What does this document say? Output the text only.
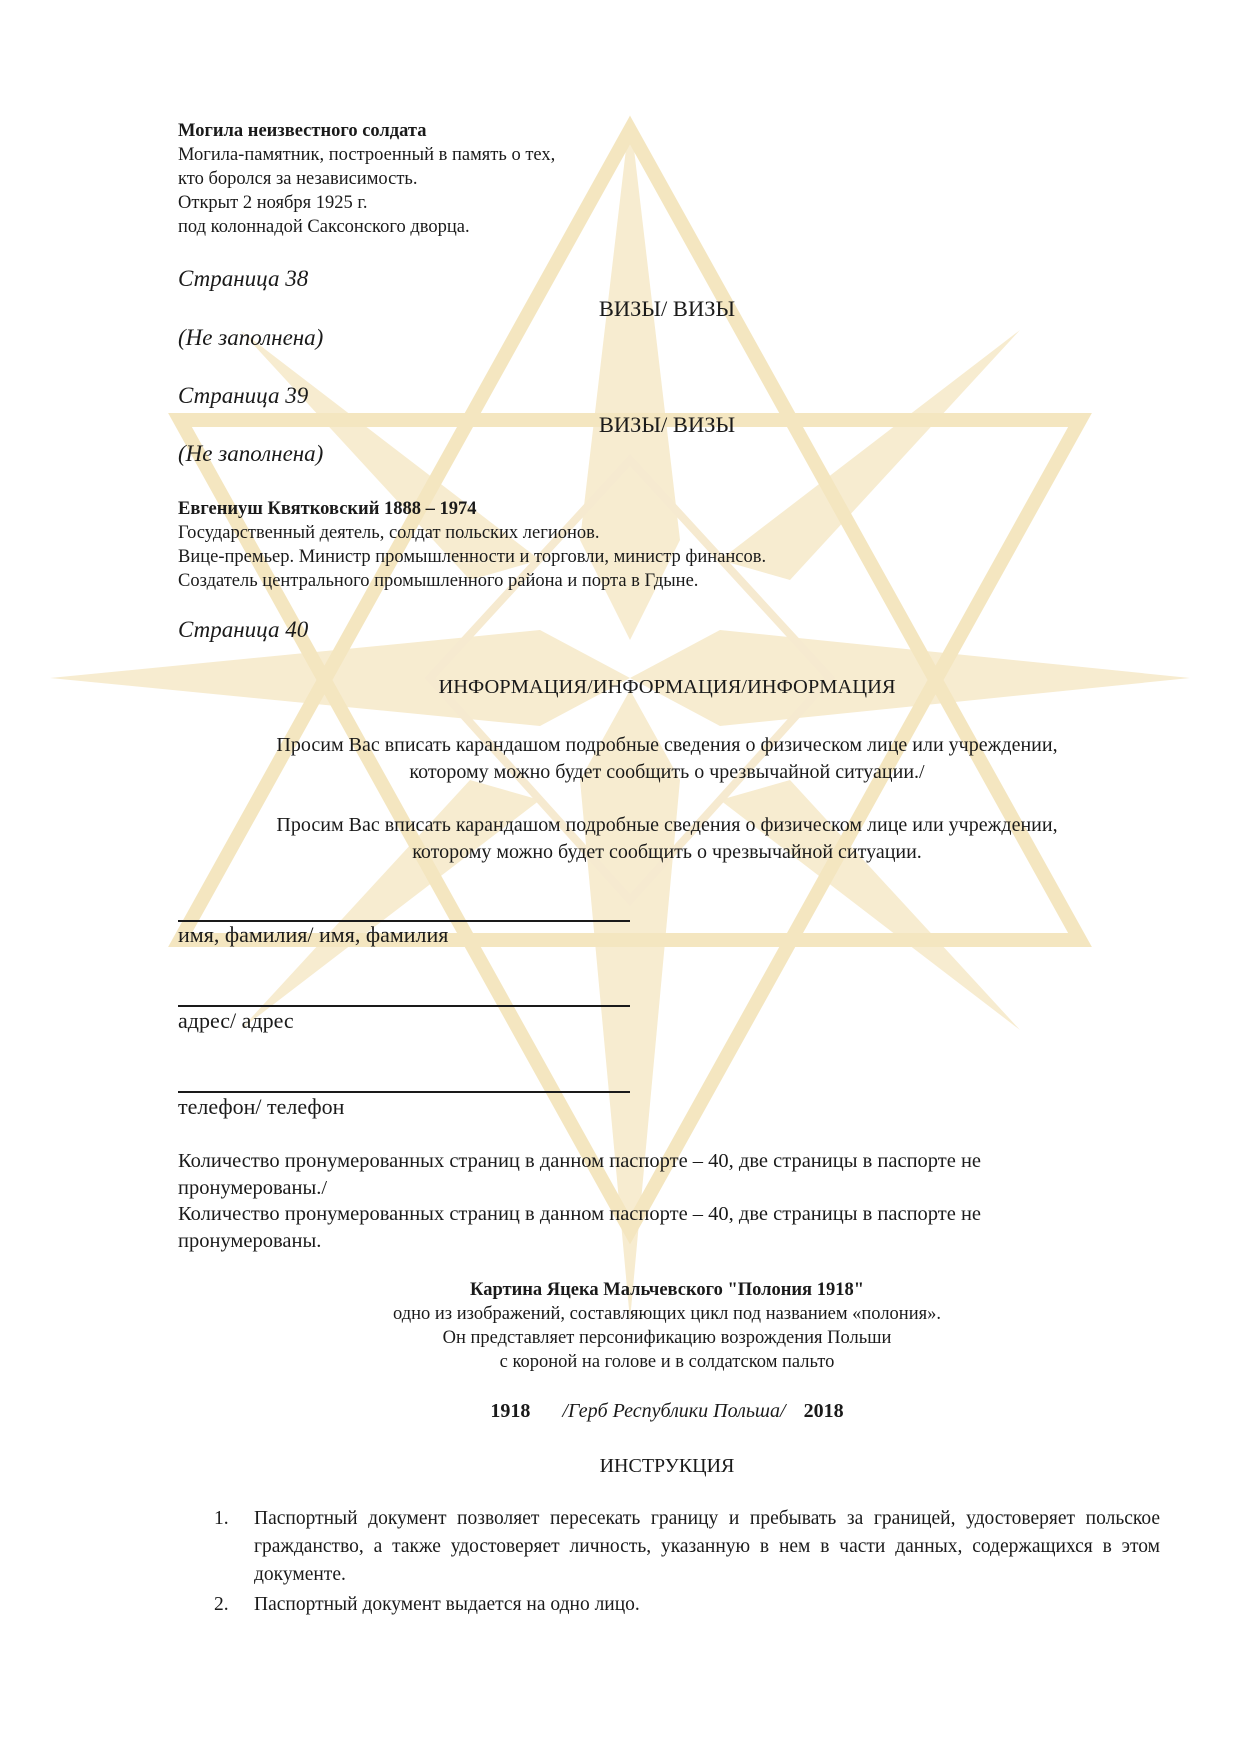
Могила неизвестного солдата
Могила-памятник, построенный в память о тех,
кто боролся за независимость.
Открыт 2 ноября 1925 г.
под колоннадой Саксонского дворца.
Страница 38
ВИЗЫ/ ВИЗЫ
(Не заполнена)
Страница 39
ВИЗЫ/ ВИЗЫ
(Не заполнена)
Евгениуш Квятковский 1888 – 1974
Государственный деятель, солдат польских легионов.
Вице-премьер. Министр промышленности и торговли, министр финансов.
Создатель центрального промышленного района и порта в Гдыне.
Страница 40
ИНФОРМАЦИЯ/ИНФОРМАЦИЯ/ИНФОРМАЦИЯ
Просим Вас вписать карандашом подробные сведения о физическом лице или учреждении,
которому можно будет сообщить о чрезвычайной ситуации./
Просим Вас вписать карандашом подробные сведения о физическом лице или учреждении,
которому можно будет сообщить о чрезвычайной ситуации.
имя, фамилия/ имя, фамилия
адрес/ адрес
телефон/ телефон
Количество пронумерованных страниц в данном паспорте – 40, две страницы в паспорте не
пронумерованы./
Количество пронумерованных страниц в данном паспорте – 40, две страницы в паспорте не
пронумерованы.
Картина Яцека Мальчевского "Полония 1918"
одно из изображений, составляющих цикл под названием «полония».
Он представляет персонификацию возрождения Польши
с короной на голове и в солдатском пальто
1918 /Герб Республики Польша/ 2018
ИНСТРУКЦИЯ
1.	Паспортный документ позволяет пересекать границу и пребывать за границей, удостоверяет польское гражданство, а также удостоверяет личность, указанную в нем в части данных, содержащихся в этом документе.
2.	Паспортный документ выдается на одно лицо.
